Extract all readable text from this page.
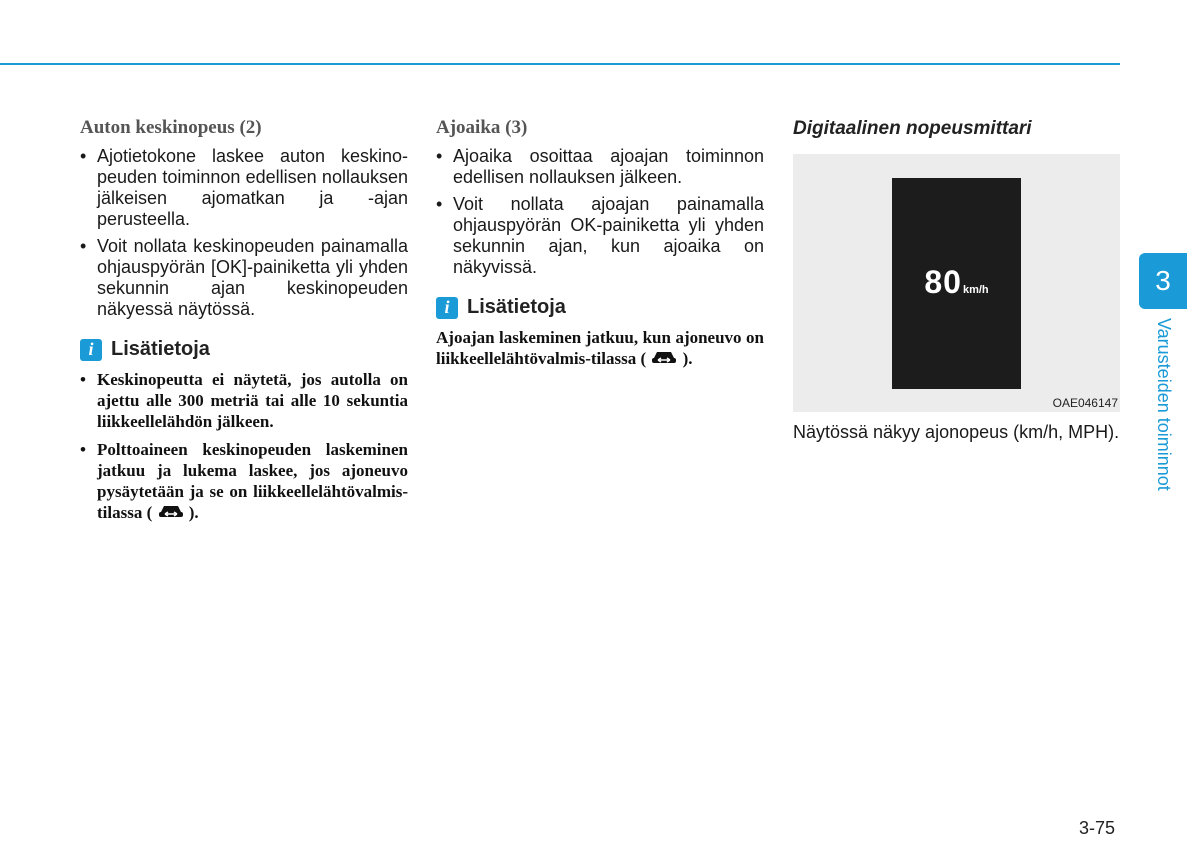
Auton keskinopeus (2)
• Ajotietokone laskee auton keskinopeuden toiminnon edellisen nollauksen jälkeisen ajomatkan ja -ajan perusteella.
• Voit nollata keskinopeuden painamalla ohjauspyörän [OK]-painiketta yli yhden sekunnin ajan keskinopeuden näkyessä näytössä.
i Lisätietoja
• Keskinopeutta ei näytetä, jos autolla on ajettu alle 300 metriä tai alle 10 sekuntia liikkeellelähdön jälkeen.
• Polttoaineen keskinopeuden laskeminen jatkuu ja lukema laskee, jos ajoneuvo pysäytetään ja se on liikkeellelähtövalmis-tilassa ( ).
Ajoaika (3)
• Ajoaika osoittaa ajoajan toiminnon edellisen nollauksen jälkeen.
• Voit nollata ajoajan painamalla ohjauspyörän OK-painiketta yli yhden sekunnin ajan, kun ajoaika on näkyvissä.
i Lisätietoja
Ajoajan laskeminen jatkuu, kun ajoneuvo on liikkeellelähtövalmis-tilassa ( ).
Digitaalinen nopeusmittari
80km/h
OAE046147
Näytössä näkyy ajonopeus (km/h, MPH).
3
Varusteiden toiminnot
3-75
